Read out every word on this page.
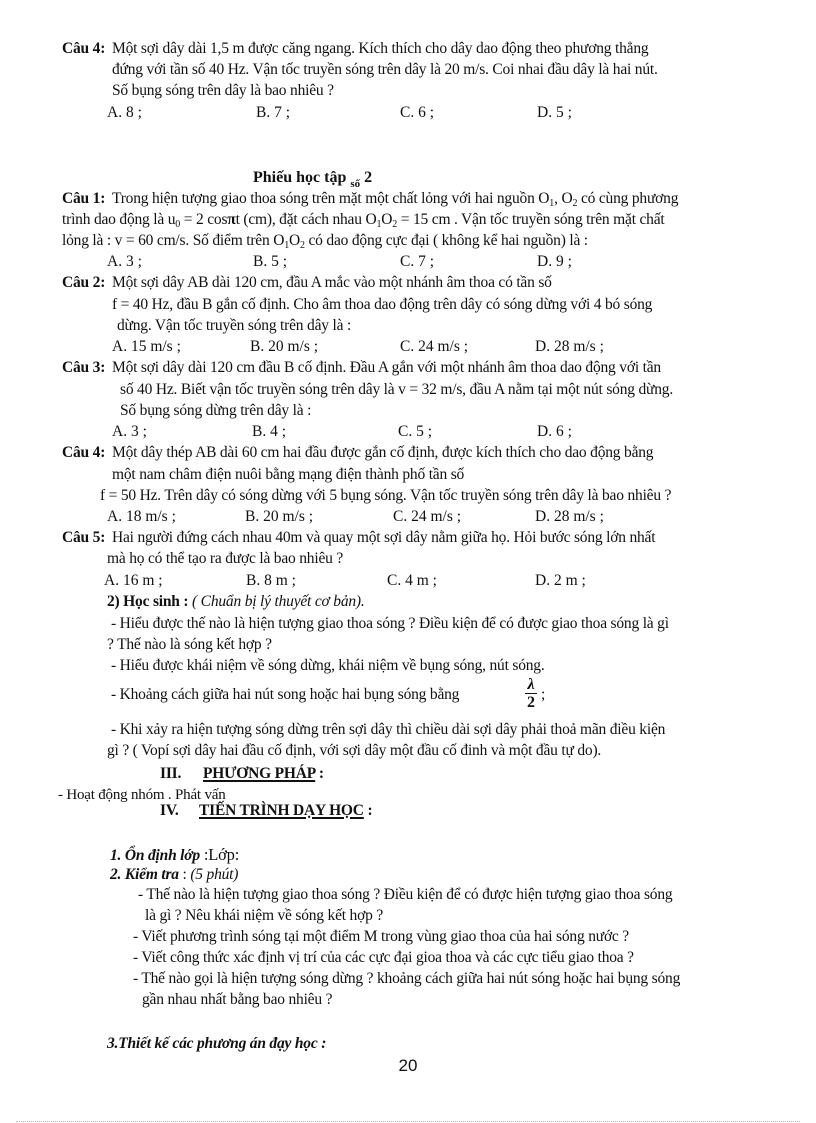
Câu 4: Một sợi dây dài 1,5 m được căng ngang. Kích thích cho dây dao động theo phương thẳng
đứng với tần số 40 Hz. Vận tốc truyền sóng trên dây là 20 m/s. Coi nhai đầu dây là hai nút.
Số bụng sóng trên dây là bao nhiêu ?
A. 8 ;	B. 7 ;	C. 6 ;	D. 5 ;
Phiếu học tập $_{số}$ 2
Câu 1: Trong hiện tượng giao thoa sóng trên mặt một chất lỏng với hai nguồn $O_1$, $O_2$ có cùng phương
trình dao động là $u_0 = 2$ cosπt (cm), đặt cách nhau $O_1O_2 = 15$ cm . Vận tốc truyền sóng trên mặt chất
lỏng là : v = 60 cm/s. Số điểm trên $O_1O_2$ có dao động cực đại ( không kể hai nguồn) là :
A. 3 ;	B. 5 ;	C. 7 ;	D. 9 ;
Câu 2: Một sợi dây AB dài 120 cm, đầu A mắc vào một nhánh âm thoa có tần số
f = 40 Hz, đầu B gắn cố định. Cho âm thoa dao động trên dây có sóng dừng với 4 bó sóng
dừng. Vận tốc truyền sóng trên dây là :
A. 15 m/s ;	B. 20 m/s ;	C. 24 m/s ;	D. 28 m/s ;
Câu 3: Một sợi dây dài 120 cm đầu B cố định. Đầu A gắn với một nhánh âm thoa dao động với tần
số 40 Hz. Biết vận tốc truyền sóng trên dây là v = 32 m/s, đầu A nằm tại một nút sóng dừng.
Số bụng sóng dừng trên dây là :
A. 3 ;	B. 4 ;	C. 5 ;	D. 6 ;
Câu 4: Một dây thép AB dài 60 cm hai đầu được gắn cố định, được kích thích cho dao động bằng
một nam châm điện nuôi bằng mạng điện thành phố tần số
f = 50 Hz. Trên dây có sóng dừng với 5 bụng sóng. Vận tốc truyền sóng trên dây là bao nhiêu ?
A. 18 m/s ;	B. 20 m/s ;	C. 24 m/s ;	D. 28 m/s ;
Câu 5: Hai người đứng cách nhau 40m và quay một sợi dây nằm giữa họ. Hỏi bước sóng lớn nhất
mà họ có thể tạo ra được là bao nhiêu ?
A. 16 m ;	B. 8 m ;	C. 4 m ;	D. 2 m ;
2) Học sinh : ( Chuẩn bị lý thuyết cơ bản).
- Hiểu được thế nào là hiện tượng giao thoa sóng ? Điều kiện để có được giao thoa sóng là gì
? Thế nào là sóng kết hợp ?
- Hiểu được khái niệm về sóng dừng, khái niệm về bụng sóng, nút sóng.
- Khoảng cách giữa hai nút song hoặc hai bụng sóng bằng
λ
2 ;
- Khi xảy ra hiện tượng sóng dừng trên sợi dây thì chiều dài sợi dây phải thoả mãn điều kiện
gì ? ( Vopí sợi dây hai đầu cố định, với sợi dây một đầu cố đinh và một đầu tự do).
III. PHƯƠNG PHÁP :
- Hoạt động nhóm . Phát vấn
IV. TIẾN TRÌNH DẠY HỌC :
1. Ổn định lớp :Lớp:
2. Kiểm tra : (5 phút)
- Thế nào là hiện tượng giao thoa sóng ? Điều kiện để có được hiện tượng giao thoa sóng
là gì ? Nêu khái niệm về sóng kết hợp ?
- Viết phương trình sóng tại một điểm M trong vùng giao thoa của hai sóng nước ?
- Viết công thức xác định vị trí của các cực đại gioa thoa và các cực tiểu giao thoa ?
- Thế nào gọi là hiện tượng sóng dừng ? khoảng cách giữa hai nút sóng hoặc hai bụng sóng
gần nhau nhất bằng bao nhiêu ?
3.Thiết kế các phương án đạy học :
20
